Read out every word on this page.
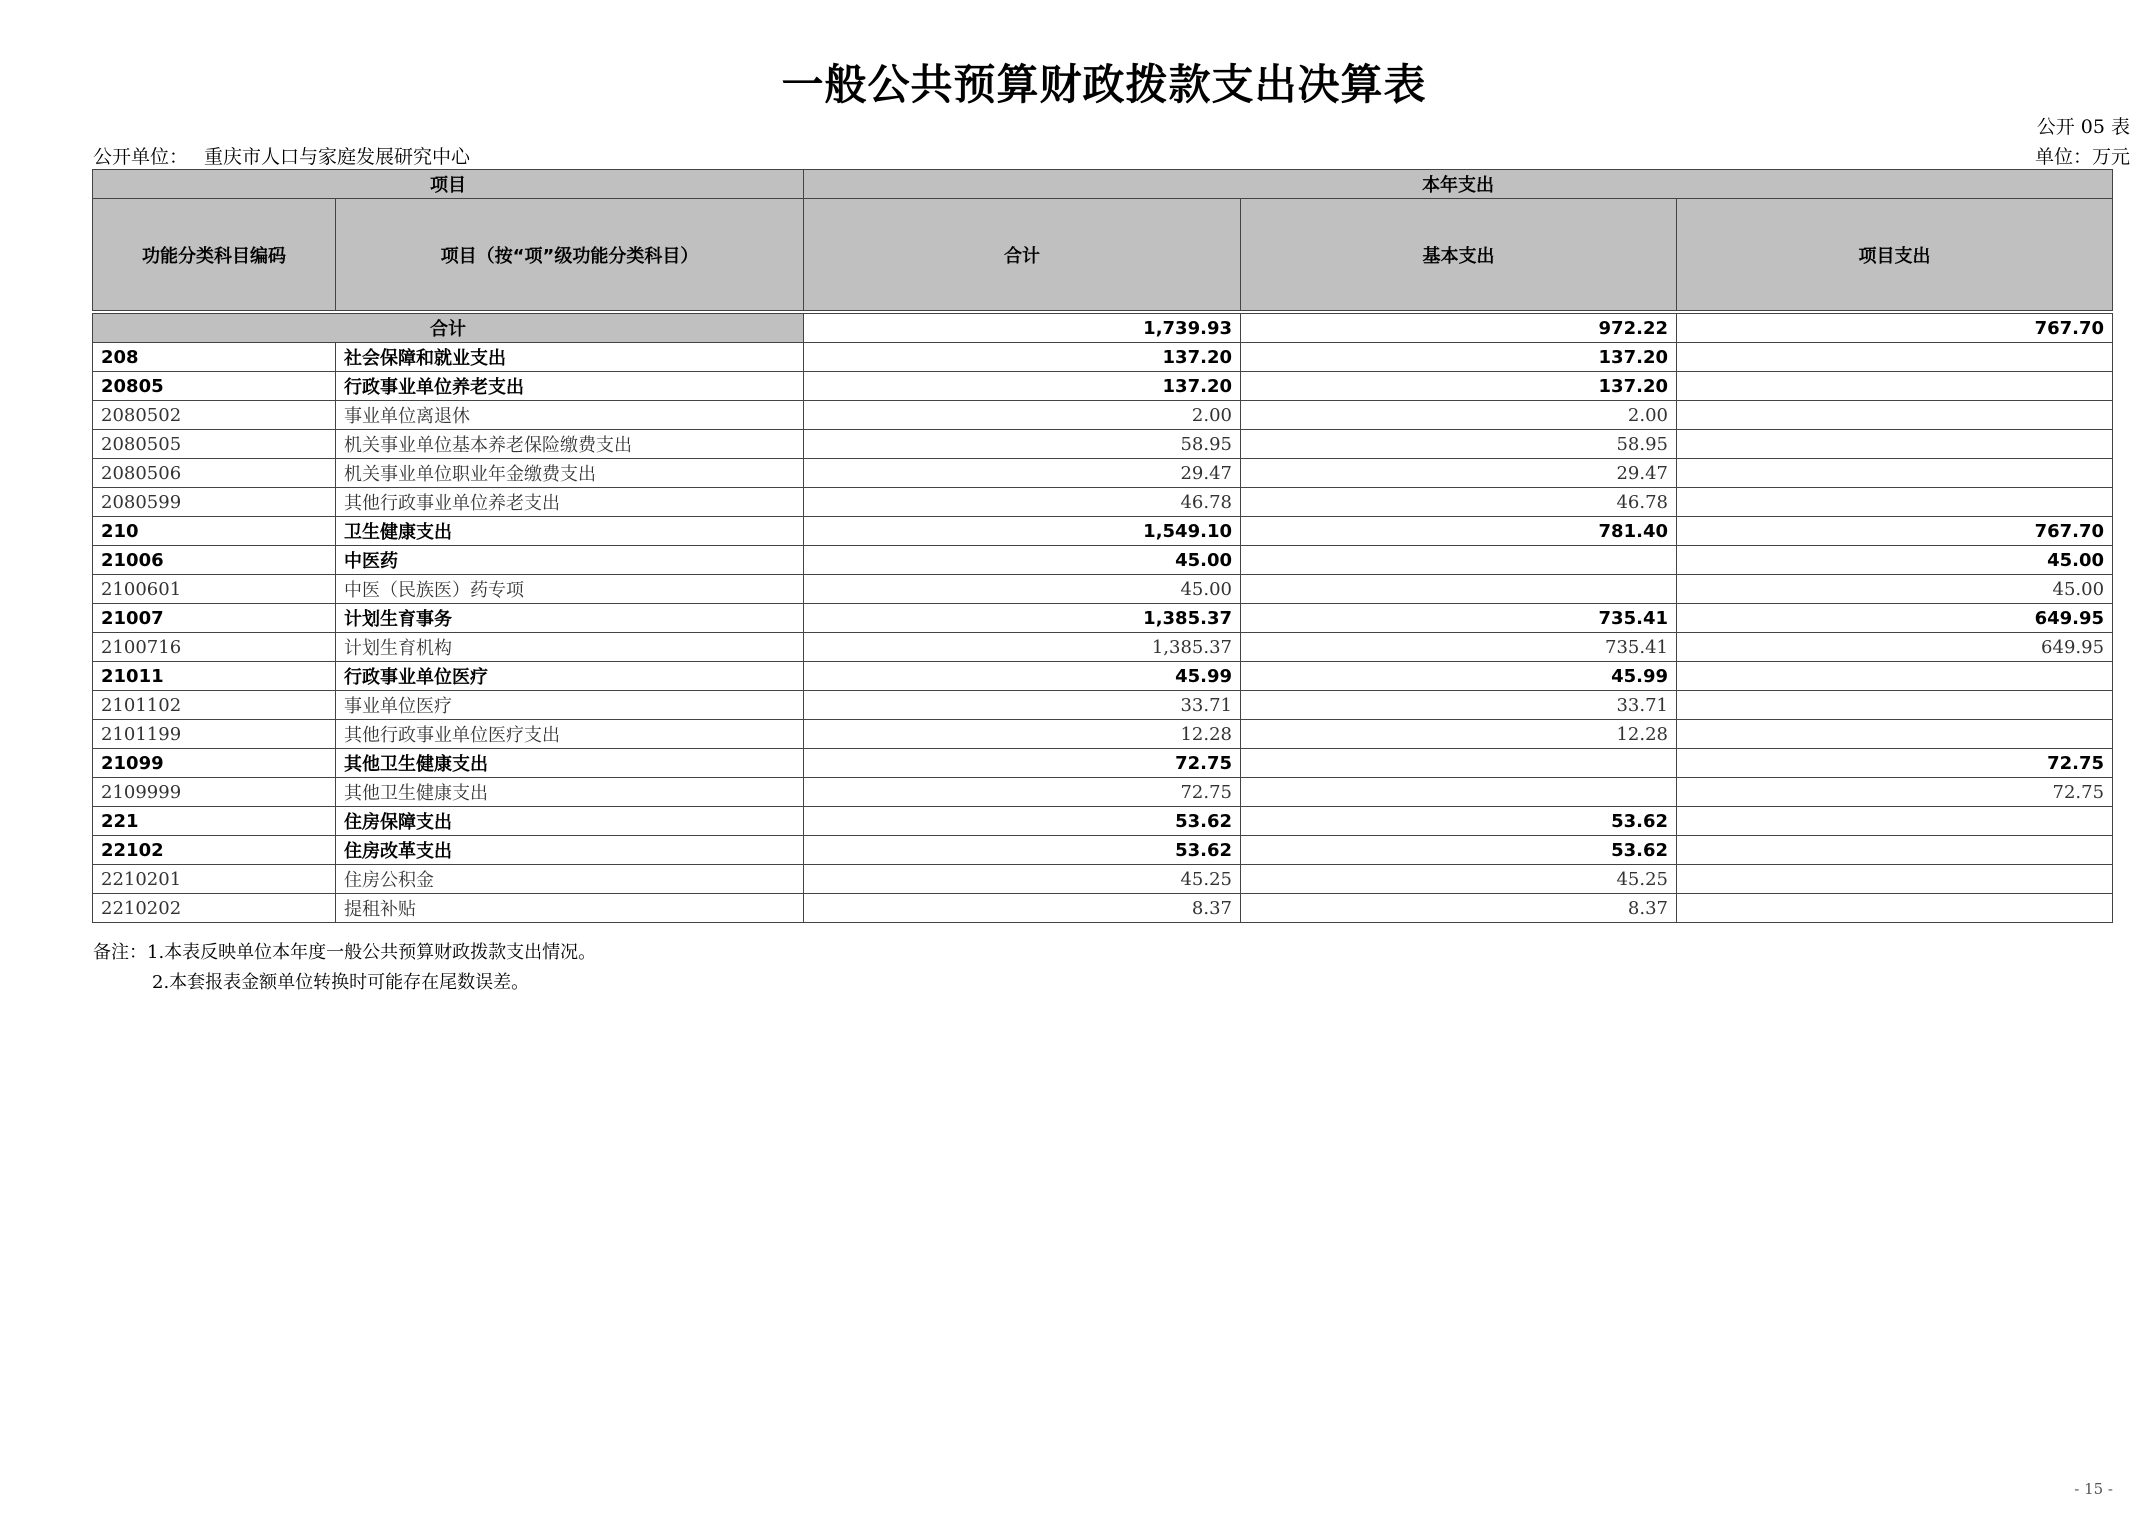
一般公共预算财政拨款支出决算表
公开 05 表
公开单位： 重庆市人口与家庭发展研究中心	单位：万元
项目		本年支出		
功能分类科目编码	项目（按“项”级功能分类科目）	合计	基本支出	项目支出

合计		1,739.93	972.22	767.70
208	社会保障和就业支出	137.20	137.20	
20805	行政事业单位养老支出	137.20	137.20	
2080502	事业单位离退休	2.00	2.00	
2080505	机关事业单位基本养老保险缴费支出	58.95	58.95	
2080506	机关事业单位职业年金缴费支出	29.47	29.47	
2080599	其他行政事业单位养老支出	46.78	46.78	
210	卫生健康支出	1,549.10	781.40	767.70
21006	中医药	45.00		45.00
2100601	中医（民族医）药专项	45.00		45.00
21007	计划生育事务	1,385.37	735.41	649.95
2100716	计划生育机构	1,385.37	735.41	649.95
21011	行政事业单位医疗	45.99	45.99	
2101102	事业单位医疗	33.71	33.71	
2101199	其他行政事业单位医疗支出	12.28	12.28	
21099	其他卫生健康支出	72.75		72.75
2109999	其他卫生健康支出	72.75		72.75
221	住房保障支出	53.62	53.62	
22102	住房改革支出	53.62	53.62	
2210201	住房公积金	45.25	45.25	
2210202	提租补贴	8.37	8.37	
备注：1.本表反映单位本年度一般公共预算财政拨款支出情况。
2.本套报表金额单位转换时可能存在尾数误差。
- 15 -
